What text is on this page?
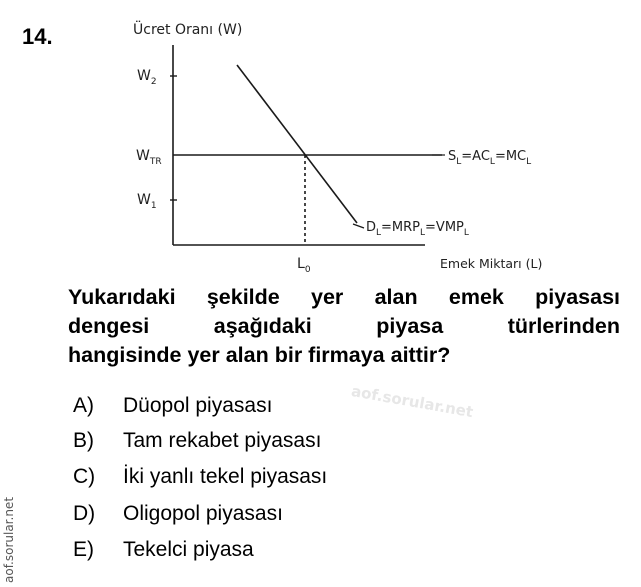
14.	Ücret Oranı (W)
$W_2$
$W_{TR}$
$W_1$
$L_0$
$S_L=AC_L=MC_L$
$D_L=MRP_L=VMP_L$
Emek Miktarı (L)
Yukarıdaki şekilde yer alan emek piyasası
dengesi aşağıdaki piyasa türlerinden
hangisinde yer alan bir firmaya aittir?
aof.sorular.net
A) Düopol piyasası
B) Tam rekabet piyasası
C) İki yanlı tekel piyasası
D) Oligopol piyasası
E) Tekelci piyasa
aof.sorular.net
